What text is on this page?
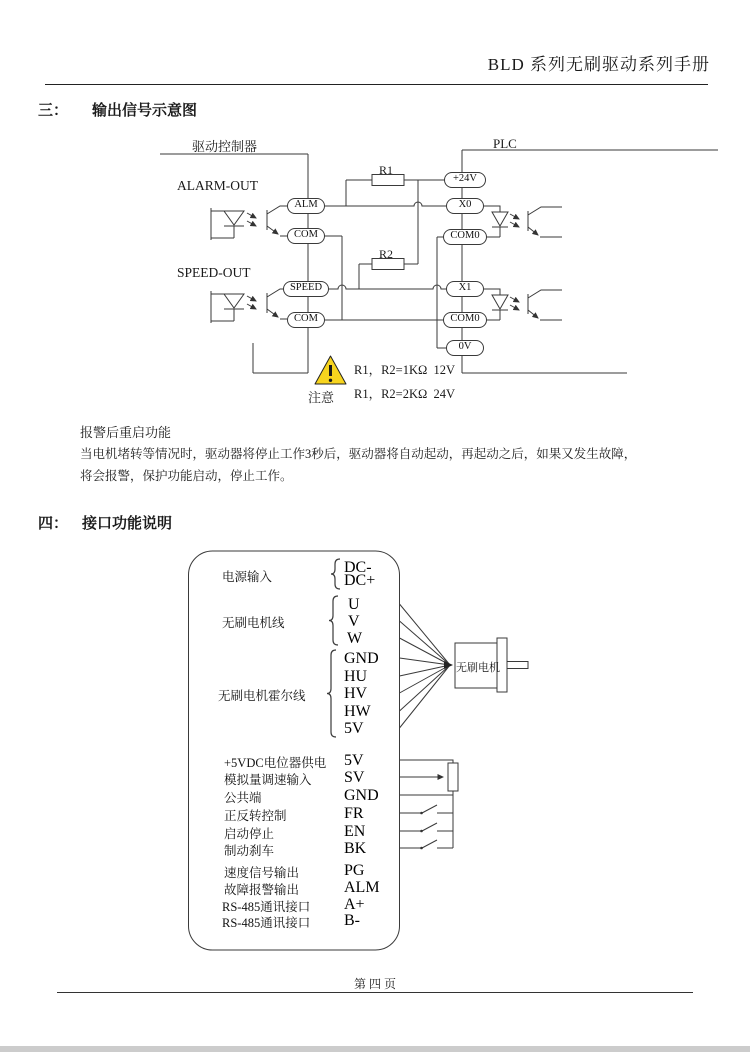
BLD 系列无刷驱动系列手册
第 四 页
三： 输出信号示意图
驱动控制器	PLC
ALARM-OUT
SPEED-OUT
R1
R2
ALM
COM
SPEED
COM
+24V
X0
COM0
X1
COM0
0V
注意
R1，R2=1KΩ  12V
R1，R2=2KΩ  24V
报警后重启功能
当电机堵转等情况时，驱动器将停止工作3秒后，驱动器将自动起动，再起动之后，如果又发生故障，
将会报警，保护功能启动，停止工作。
四： 接口功能说明
电源输入
无刷电机线
无刷电机霍尔线
DC-
DC+
U
V
W
GND
HU
HV
HW
5V
+5VDC电位器供电
模拟量调速输入
公共端
正反转控制
启动停止
制动刹车
速度信号输出
故障报警输出
RS-485通讯接口
RS-485通讯接口
5V
SV
GND
FR
EN
BK
PG
ALM
A+
B-
无刷电机
